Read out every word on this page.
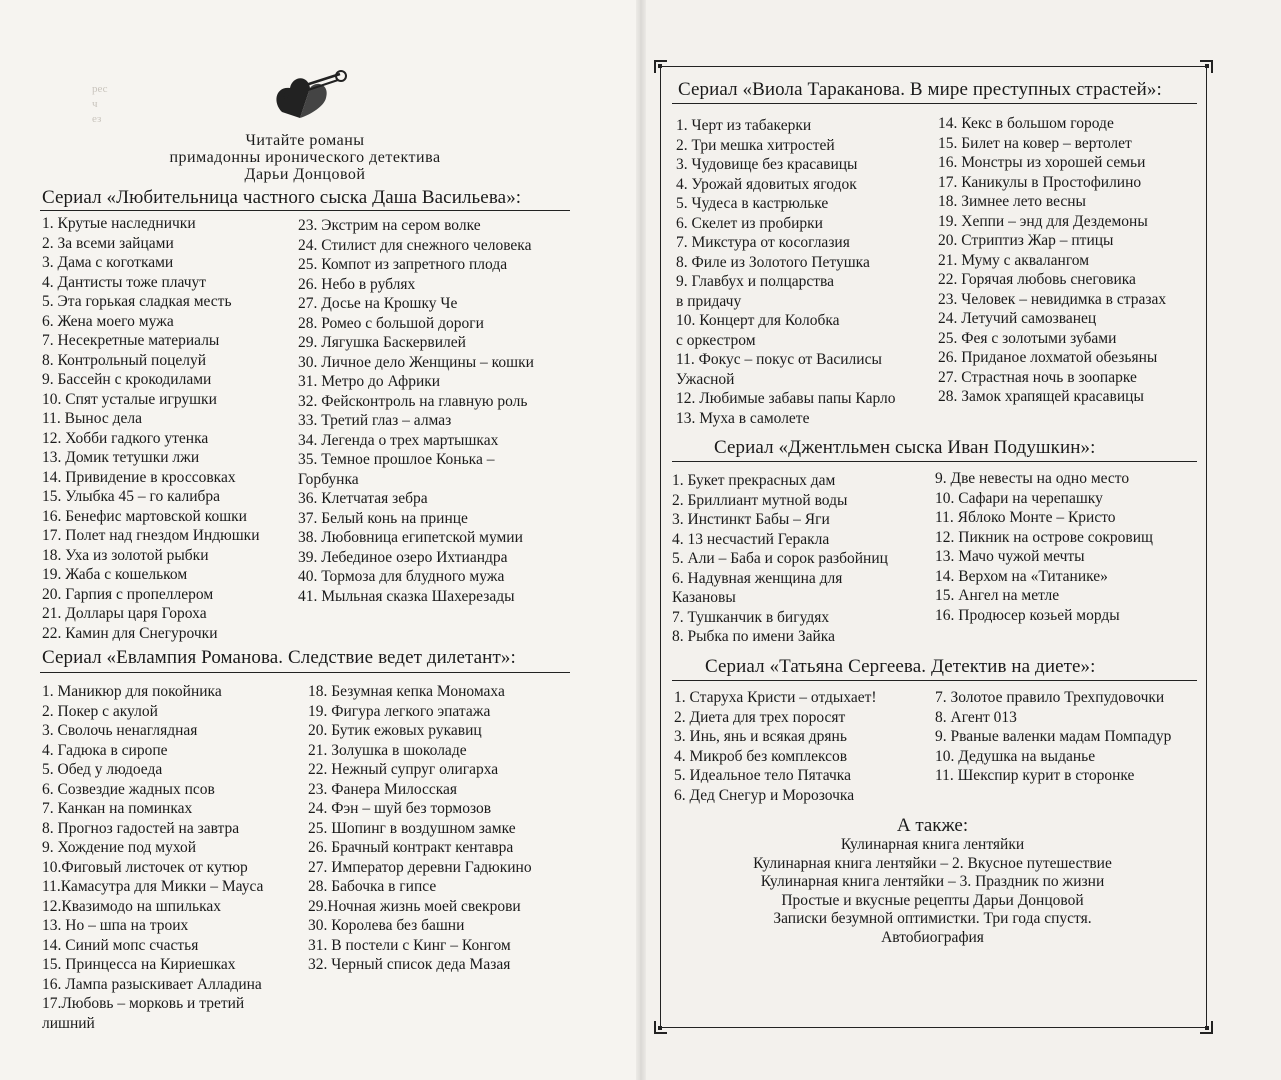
Читайте романы
примадонны иронического детектива
Дарьи Донцовой
рес
ч
ез
Сериал «Любительница частного сыска Даша Васильева»:
1. Крутые наследнички
2. За всеми зайцами
3. Дама с коготками
4. Дантисты тоже плачут
5. Эта горькая сладкая месть
6. Жена моего мужа
7. Несекретные материалы
8. Контрольный поцелуй
9. Бассейн с крокодилами
10. Спят усталые игрушки
11. Вынос дела
12. Хобби гадкого утенка
13. Домик тетушки лжи
14. Привидение в кроссовках
15. Улыбка 45 – го калибра
16. Бенефис мартовской кошки
17. Полет над гнездом Индюшки
18. Уха из золотой рыбки
19. Жаба с кошельком
20. Гарпия с пропеллером
21. Доллары царя Гороха
22. Камин для Снегурочки
23. Экстрим на сером волке
24. Стилист для снежного человека
25. Компот из запретного плода
26. Небо в рублях
27. Досье на Крошку Че
28. Ромео с большой дороги
29. Лягушка Баскервилей
30. Личное дело Женщины – кошки
31. Метро до Африки
32. Фейсконтроль на главную роль
33. Третий глаз – алмаз
34. Легенда о трех мартышках
35. Темное прошлое Конька –
Горбунка
36. Клетчатая зебра
37. Белый конь на принце
38. Любовница египетской мумии
39. Лебединое озеро Ихтиандра
40. Тормоза для блудного мужа
41. Мыльная сказка Шахерезады
Сериал «Евлампия Романова. Следствие ведет дилетант»:
1. Маникюр для покойника
2. Покер с акулой
3. Сволочь ненаглядная
4. Гадюка в сиропе
5. Обед у людоеда
6. Созвездие жадных псов
7. Канкан на поминках
8. Прогноз гадостей на завтра
9. Хождение под мухой
10.Фиговый листочек от кутюр
11.Камасутра для Микки – Мауса
12.Квазимодо на шпильках
13. Но – шпа на троих
14. Синий мопс счастья
15. Принцесса на Кириешках
16. Лампа разыскивает Алладина
17.Любовь – морковь и третий
лишний
18. Безумная кепка Мономаха
19. Фигура легкого эпатажа
20. Бутик ежовых рукавиц
21. Золушка в шоколаде
22. Нежный супруг олигарха
23. Фанера Милосская
24. Фэн – шуй без тормозов
25. Шопинг в воздушном замке
26. Брачный контракт кентавра
27. Император деревни Гадюкино
28. Бабочка в гипсе
29.Ночная жизнь моей свекрови
30. Королева без башни
31. В постели с Кинг – Конгом
32. Черный список деда Мазая
Сериал «Виола Тараканова. В мире преступных страстей»:
1. Черт из табакерки
2. Три мешка хитростей
3. Чудовище без красавицы
4. Урожай ядовитых ягодок
5. Чудеса в кастрюльке
6. Скелет из пробирки
7. Микстура от косоглазия
8. Филе из Золотого Петушка
9. Главбух и полцарства
в придачу
10. Концерт для Колобка
с оркестром
11. Фокус – покус от Василисы
Ужасной
12. Любимые забавы папы Карло
13. Муха в самолете
14. Кекс в большом городе
15. Билет на ковер – вертолет
16. Монстры из хорошей семьи
17. Каникулы в Простофилино
18. Зимнее лето весны
19. Хеппи – энд для Дездемоны
20. Стриптиз Жар – птицы
21. Муму с аквалангом
22. Горячая любовь снеговика
23. Человек – невидимка в стразах
24. Летучий самозванец
25. Фея с золотыми зубами
26. Приданое лохматой обезьяны
27. Страстная ночь в зоопарке
28. Замок храпящей красавицы
Сериал «Джентльмен сыска Иван Подушкин»:
1. Букет прекрасных дам
2. Бриллиант мутной воды
3. Инстинкт Бабы – Яги
4. 13 несчастий Геракла
5. Али – Баба и сорок разбойниц
6. Надувная женщина для
Казановы
7. Тушканчик в бигудях
8. Рыбка по имени Зайка
9. Две невесты на одно место
10. Сафари на черепашку
11. Яблоко Монте – Кристо
12. Пикник на острове сокровищ
13. Мачо чужой мечты
14. Верхом на «Титанике»
15. Ангел на метле
16. Продюсер козьей морды
Сериал «Татьяна Сергеева. Детектив на диете»:
1. Старуха Кристи – отдыхает!
2. Диета для трех поросят
3. Инь, янь и всякая дрянь
4. Микроб без комплексов
5. Идеальное тело Пятачка
6. Дед Снегур и Морозочка
7. Золотое правило Трехпудовочки
8. Агент 013
9. Рваные валенки мадам Помпадур
10. Дедушка на выданье
11. Шекспир курит в сторонке
А также:
Кулинарная книга лентяйки
Кулинарная книга лентяйки – 2. Вкусное путешествие
Кулинарная книга лентяйки – 3. Праздник по жизни
Простые и вкусные рецепты Дарьи Донцовой
Записки безумной оптимистки. Три года спустя.
Автобиография
